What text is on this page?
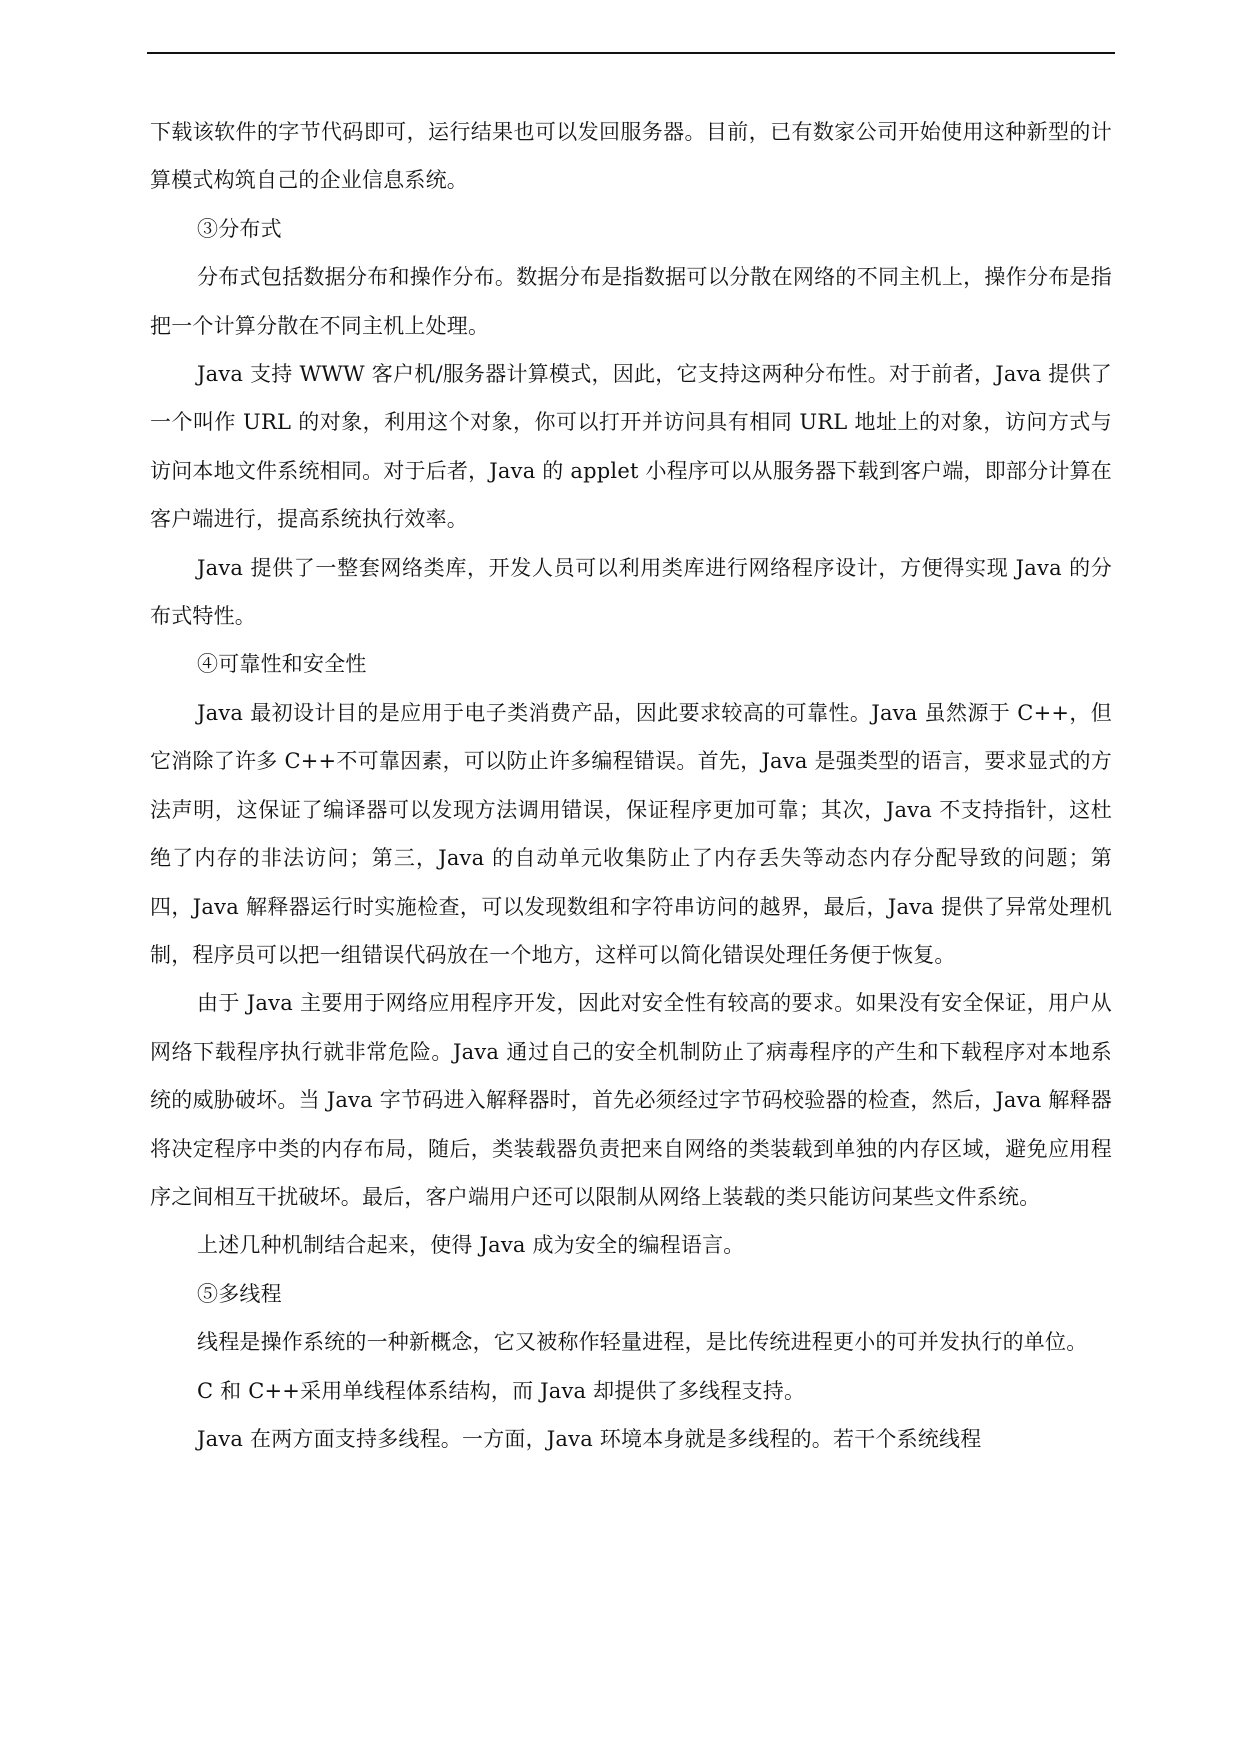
下载该软件的字节代码即可，运行结果也可以发回服务器。目前，已有数家公司开始使用这种新型的计算模式构筑自己的企业信息系统。

③分布式

分布式包括数据分布和操作分布。数据分布是指数据可以分散在网络的不同主机上，操作分布是指把一个计算分散在不同主机上处理。

Java 支持 WWW 客户机/服务器计算模式，因此，它支持这两种分布性。对于前者，Java 提供了一个叫作 URL 的对象，利用这个对象，你可以打开并访问具有相同 URL 地址上的对象，访问方式与访问本地文件系统相同。对于后者，Java 的 applet 小程序可以从服务器下载到客户端，即部分计算在客户端进行，提高系统执行效率。

Java 提供了一整套网络类库，开发人员可以利用类库进行网络程序设计，方便得实现 Java 的分布式特性。

④可靠性和安全性

Java 最初设计目的是应用于电子类消费产品，因此要求较高的可靠性。Java 虽然源于 C++，但它消除了许多 C++不可靠因素，可以防止许多编程错误。首先，Java 是强类型的语言，要求显式的方法声明，这保证了编译器可以发现方法调用错误，保证程序更加可靠；其次，Java 不支持指针，这杜绝了内存的非法访问；第三，Java 的自动单元收集防止了内存丢失等动态内存分配导致的问题；第四，Java 解释器运行时实施检查，可以发现数组和字符串访问的越界，最后，Java 提供了异常处理机制，程序员可以把一组错误代码放在一个地方，这样可以简化错误处理任务便于恢复。

由于 Java 主要用于网络应用程序开发，因此对安全性有较高的要求。如果没有安全保证，用户从网络下载程序执行就非常危险。Java 通过自己的安全机制防止了病毒程序的产生和下载程序对本地系统的威胁破坏。当 Java 字节码进入解释器时，首先必须经过字节码校验器的检查，然后，Java 解释器将决定程序中类的内存布局，随后，类装载器负责把来自网络的类装载到单独的内存区域，避免应用程序之间相互干扰破坏。最后，客户端用户还可以限制从网络上装载的类只能访问某些文件系统。

上述几种机制结合起来，使得 Java 成为安全的编程语言。

⑤多线程

线程是操作系统的一种新概念，它又被称作轻量进程，是比传统进程更小的可并发执行的单位。

C 和 C++采用单线程体系结构，而 Java 却提供了多线程支持。

Java 在两方面支持多线程。一方面，Java 环境本身就是多线程的。若干个系统线程
